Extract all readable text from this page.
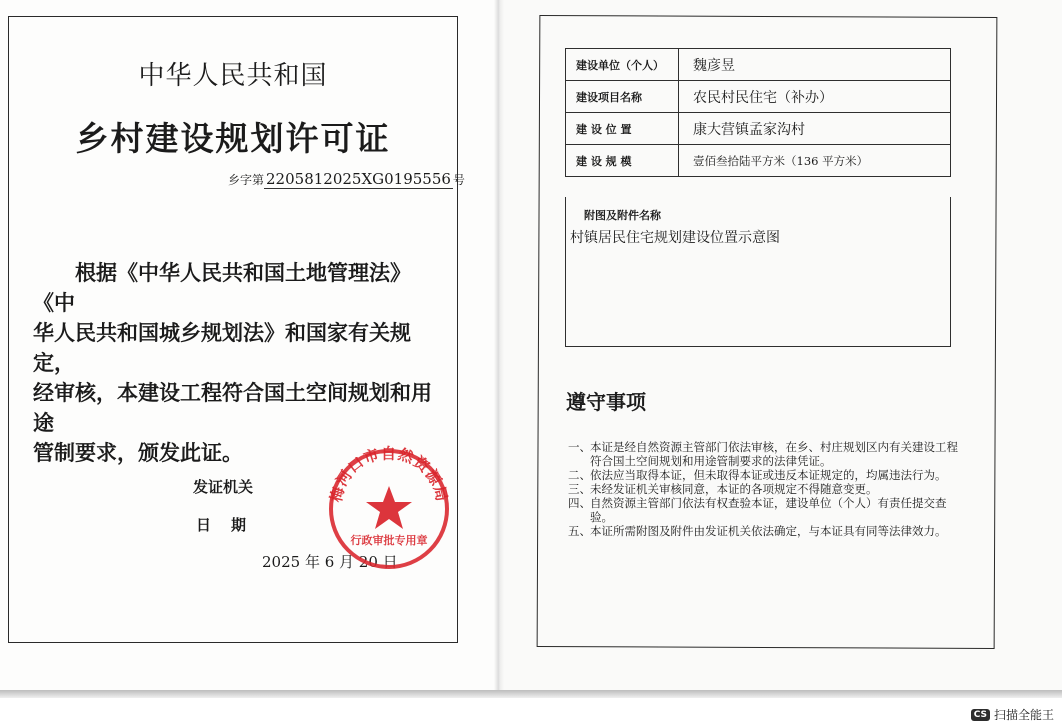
中华人民共和国
乡村建设规划许可证
乡字第 2205812025XG0195556 号

根据《中华人民共和国土地管理法》《中

华人民共和国城乡规划法》和国家有关规定，

经审核，本建设工程符合国土空间规划和用途

管制要求，颁发此证。

发证机关
日期
2025 年 6 月 20 日
梅河口市自然资源局
行政审批专用章
建设单位（个人）	魏彦昱
建设项目名称	农民村民住宅（补办）
建 设 位 置	康大营镇孟家沟村
建 设 规 模	壹佰叁拾陆平方米（136 平方米）
附图及附件名称
村镇居民住宅规划建设位置示意图
遵守事项
一、 本证是经自然资源主管部门依法审核，在乡、村庄规划区内有关建设工程符合国土空间规划和用途管制要求的法律凭证。
二、 依法应当取得本证，但未取得本证或违反本证规定的，均属违法行为。
三、 未经发证机关审核同意，本证的各项规定不得随意变更。
四、 自然资源主管部门依法有权查验本证，建设单位（个人）有责任提交查验。
五、 本证所需附图及附件由发证机关依法确定，与本证具有同等法律效力。
CS 扫描全能王
